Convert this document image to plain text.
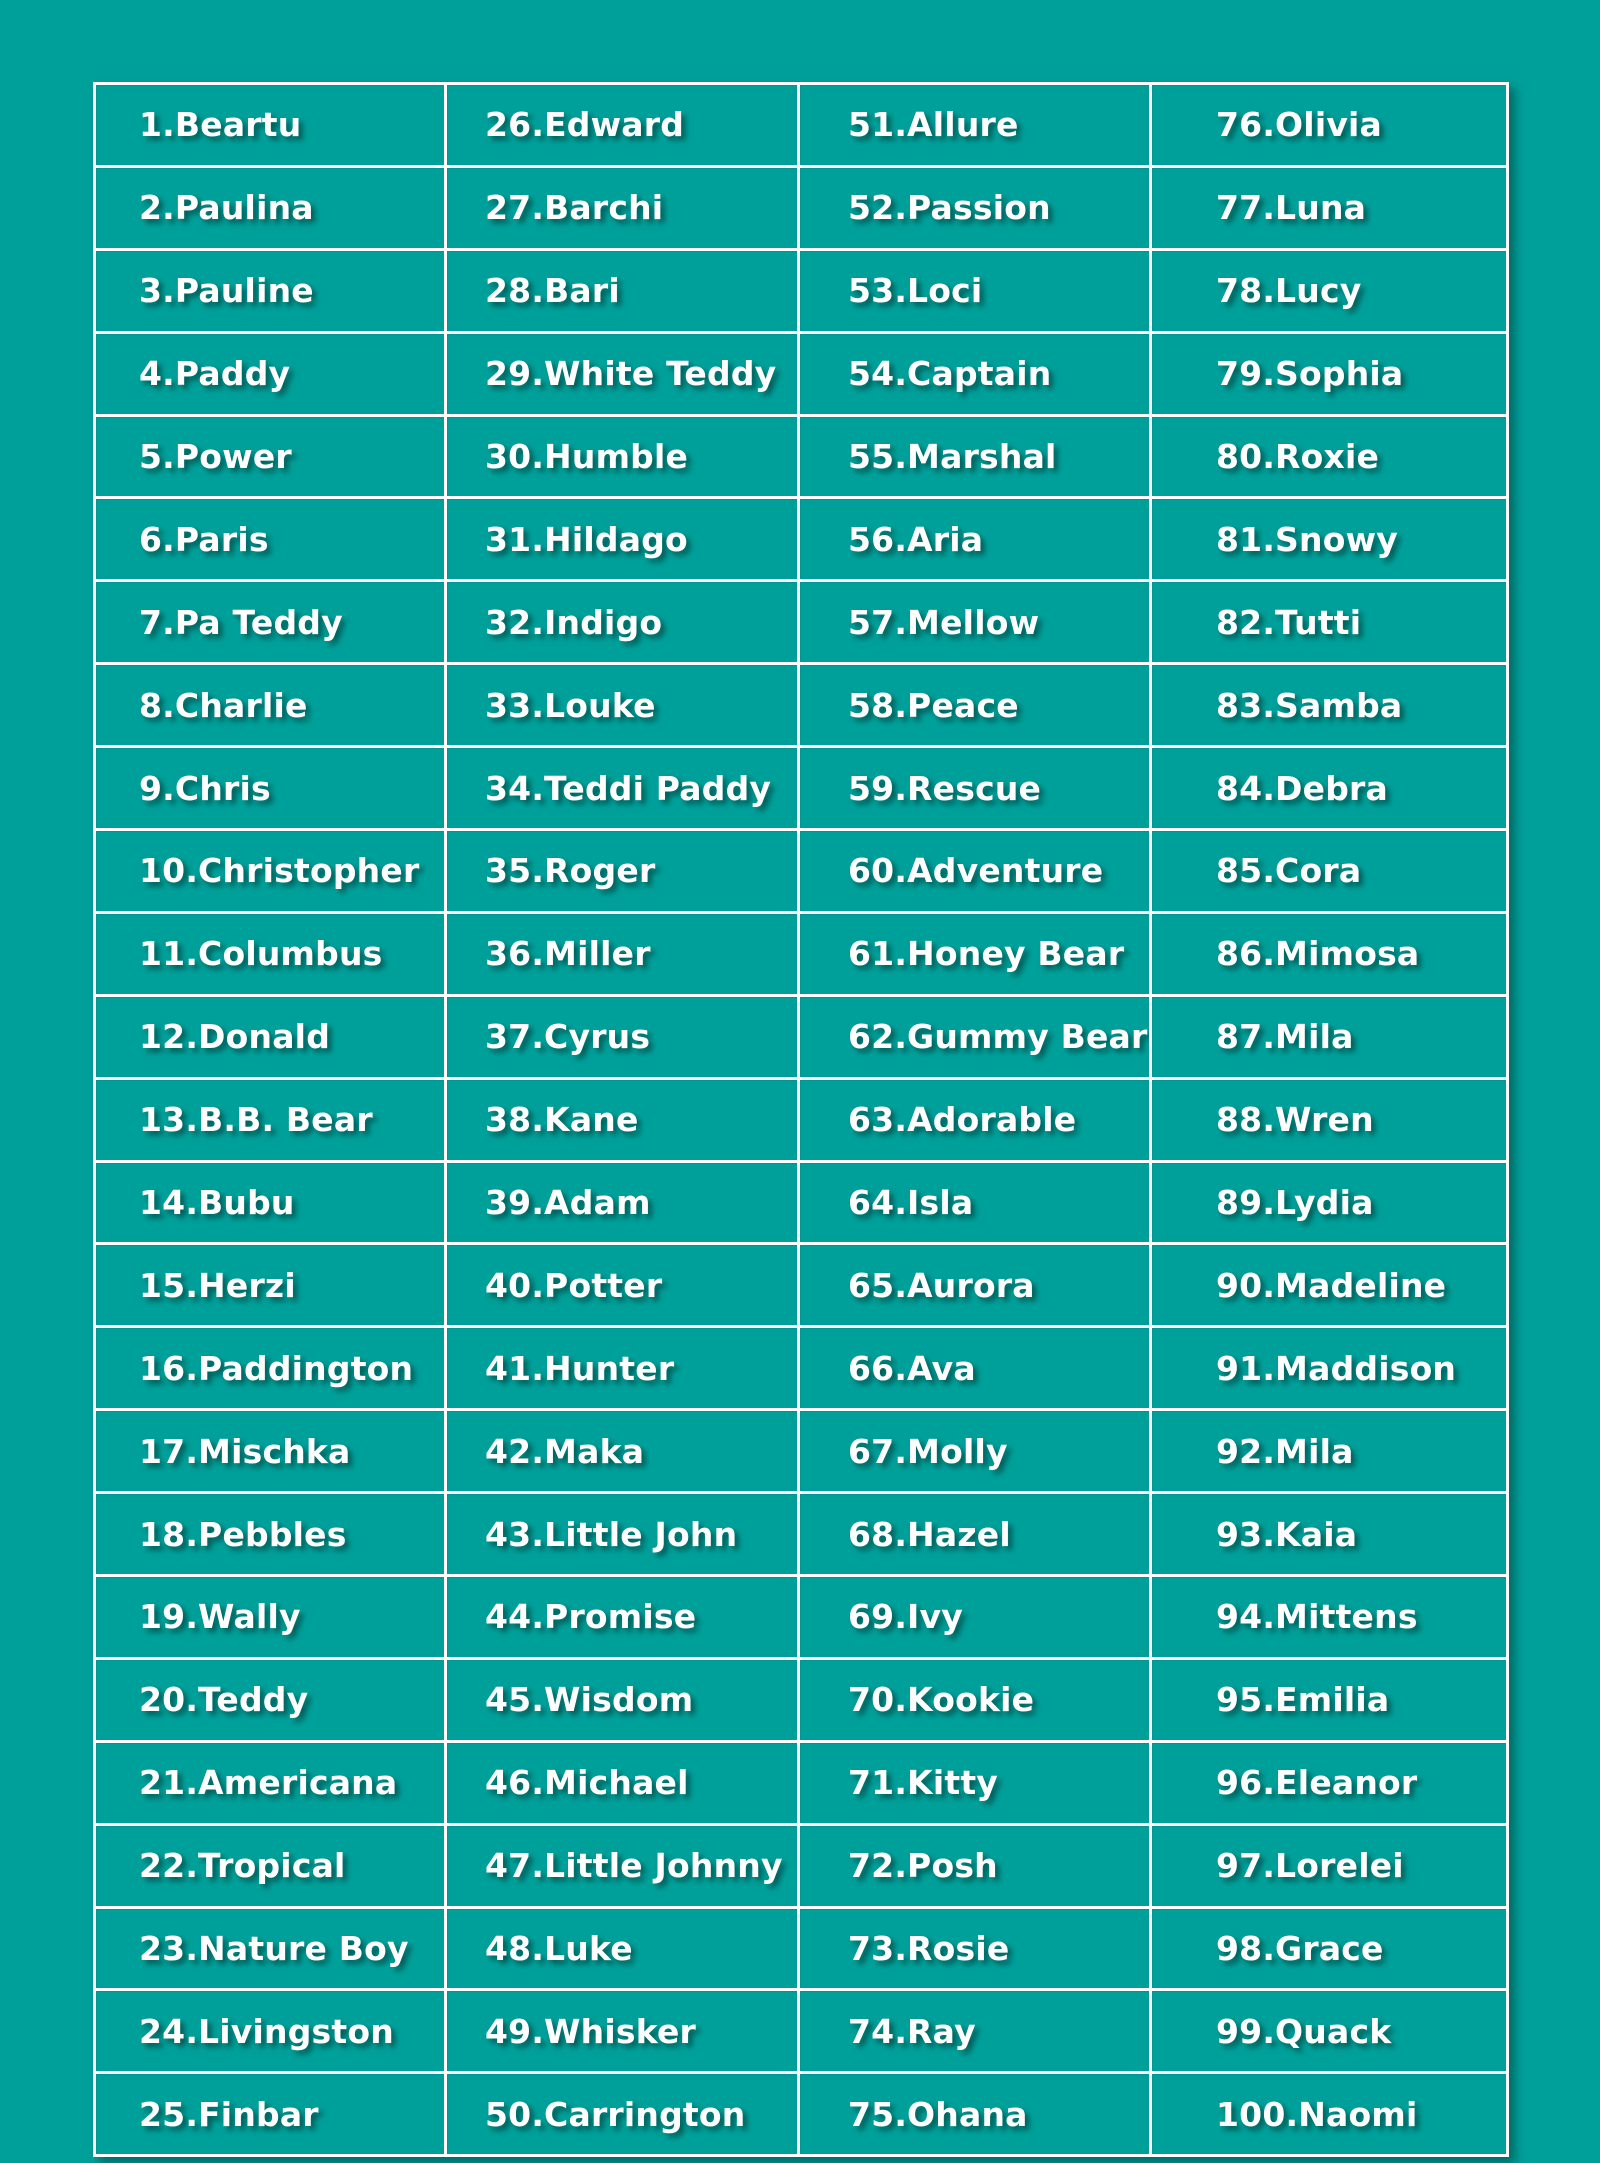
1.Beartu	26.Edward	51.Allure	76.Olivia
2.Paulina	27.Barchi	52.Passion	77.Luna
3.Pauline	28.Bari	53.Loci	78.Lucy
4.Paddy	29.White Teddy	54.Captain	79.Sophia
5.Power	30.Humble	55.Marshal	80.Roxie
6.Paris	31.Hildago	56.Aria	81.Snowy
7.Pa Teddy	32.Indigo	57.Mellow	82.Tutti
8.Charlie	33.Louke	58.Peace	83.Samba
9.Chris	34.Teddi Paddy	59.Rescue	84.Debra
10.Christopher	35.Roger	60.Adventure	85.Cora
11.Columbus	36.Miller	61.Honey Bear	86.Mimosa
12.Donald	37.Cyrus	62.Gummy Bear	87.Mila
13.B.B. Bear	38.Kane	63.Adorable	88.Wren
14.Bubu	39.Adam	64.Isla	89.Lydia
15.Herzi	40.Potter	65.Aurora	90.Madeline
16.Paddington	41.Hunter	66.Ava	91.Maddison
17.Mischka	42.Maka	67.Molly	92.Mila
18.Pebbles	43.Little John	68.Hazel	93.Kaia
19.Wally	44.Promise	69.Ivy	94.Mittens
20.Teddy	45.Wisdom	70.Kookie	95.Emilia
21.Americana	46.Michael	71.Kitty	96.Eleanor
22.Tropical	47.Little Johnny	72.Posh	97.Lorelei
23.Nature Boy	48.Luke	73.Rosie	98.Grace
24.Livingston	49.Whisker	74.Ray	99.Quack
25.Finbar	50.Carrington	75.Ohana	100.Naomi
